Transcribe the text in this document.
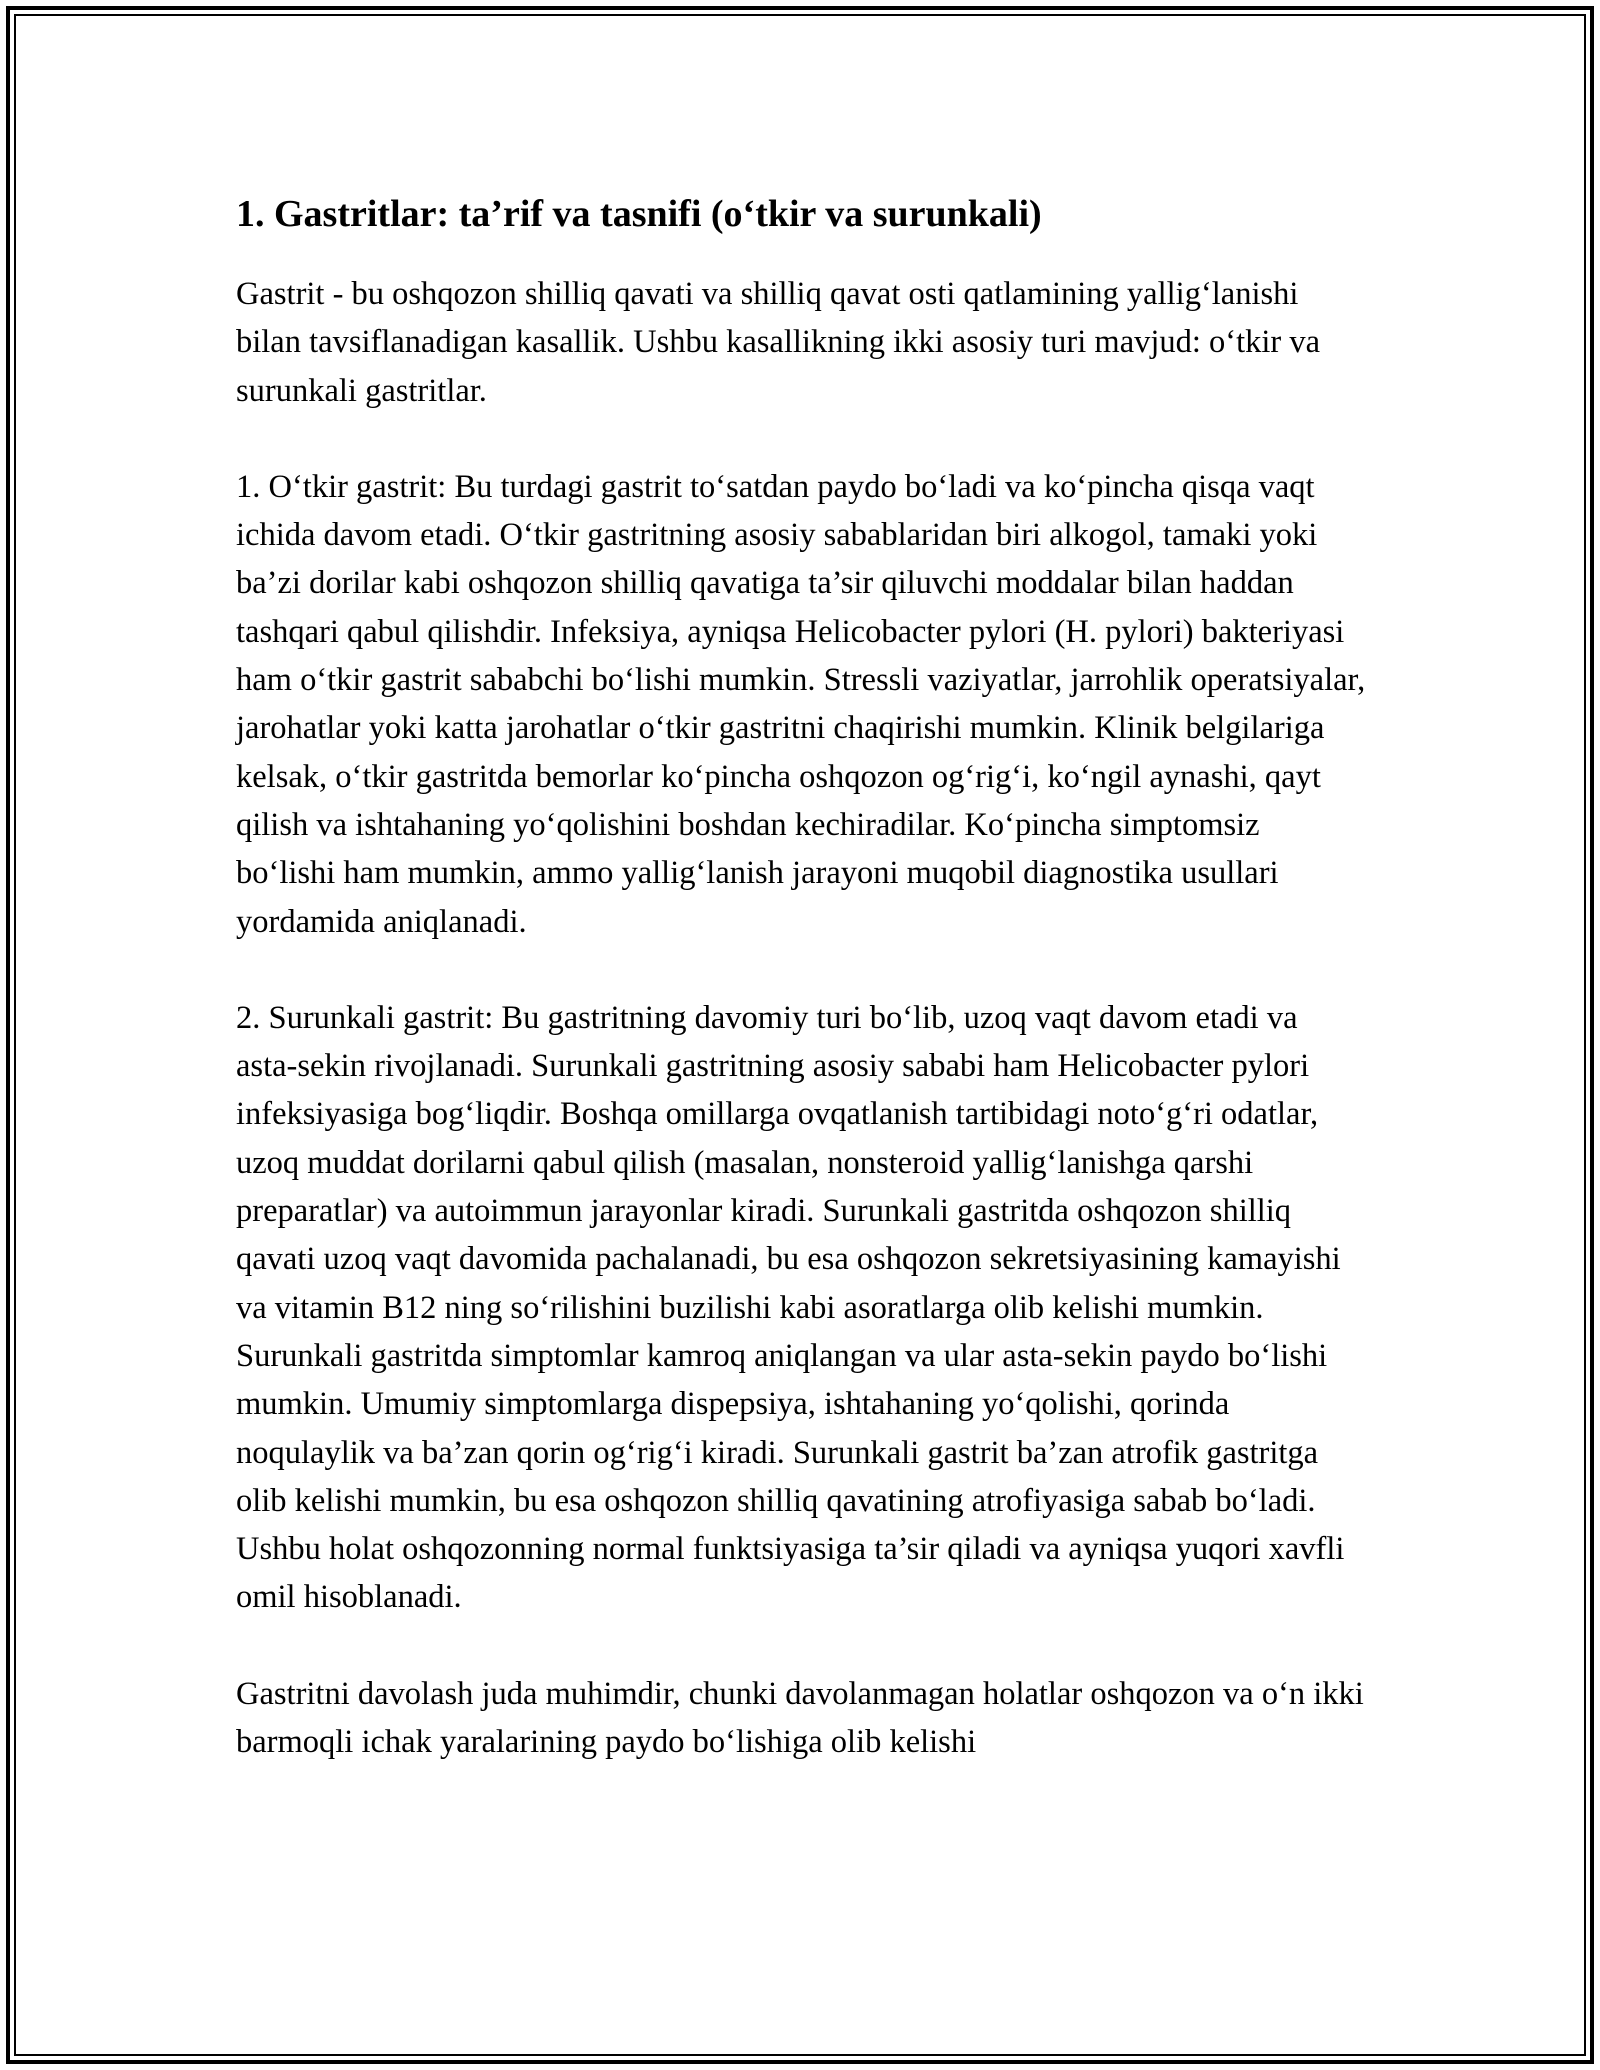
1. Gastritlar: ta’rif va tasnifi (o‘tkir va surunkali)

Gastrit - bu oshqozon shilliq qavati va shilliq qavat osti qatlamining yallig‘lanishi bilan tavsiflanadigan kasallik. Ushbu kasallikning ikki asosiy turi mavjud: o‘tkir va surunkali gastritlar.

1. O‘tkir gastrit: Bu turdagi gastrit to‘satdan paydo bo‘ladi va ko‘pincha qisqa vaqt ichida davom etadi. O‘tkir gastritning asosiy sabablaridan biri alkogol, tamaki yoki ba’zi dorilar kabi oshqozon shilliq qavatiga ta’sir qiluvchi moddalar bilan haddan tashqari qabul qilishdir. Infeksiya, ayniqsa Helicobacter pylori (H. pylori) bakteriyasi ham o‘tkir gastrit sababchi bo‘lishi mumkin. Stressli vaziyatlar, jarrohlik operatsiyalar, jarohatlar yoki katta jarohatlar o‘tkir gastritni chaqirishi mumkin. Klinik belgilariga kelsak, o‘tkir gastritda bemorlar ko‘pincha oshqozon og‘rig‘i, ko‘ngil aynashi, qayt qilish va ishtahaning yo‘qolishini boshdan kechiradilar. Ko‘pincha simptomsiz bo‘lishi ham mumkin, ammo yallig‘lanish jarayoni muqobil diagnostika usullari yordamida aniqlanadi.

2. Surunkali gastrit: Bu gastritning davomiy turi bo‘lib, uzoq vaqt davom etadi va asta-sekin rivojlanadi. Surunkali gastritning asosiy sababi ham Helicobacter pylori infeksiyasiga bog‘liqdir. Boshqa omillarga ovqatlanish tartibidagi noto‘g‘ri odatlar, uzoq muddat dorilarni qabul qilish (masalan, nonsteroid yallig‘lanishga qarshi preparatlar) va autoimmun jarayonlar kiradi. Surunkali gastritda oshqozon shilliq qavati uzoq vaqt davomida pachalanadi, bu esa oshqozon sekretsiyasining kamayishi va vitamin B12 ning so‘rilishini buzilishi kabi asoratlarga olib kelishi mumkin. Surunkali gastritda simptomlar kamroq aniqlangan va ular asta-sekin paydo bo‘lishi mumkin. Umumiy simptomlarga dispepsiya, ishtahaning yo‘qolishi, qorinda noqulaylik va ba’zan qorin og‘rig‘i kiradi. Surunkali gastrit ba’zan atrofik gastritga olib kelishi mumkin, bu esa oshqozon shilliq qavatining atrofiyasiga sabab bo‘ladi. Ushbu holat oshqozonning normal funktsiyasiga ta’sir qiladi va ayniqsa yuqori xavfli omil hisoblanadi.

Gastritni davolash juda muhimdir, chunki davolanmagan holatlar oshqozon va o‘n ikki barmoqli ichak yaralarining paydo bo‘lishiga olib kelishi
